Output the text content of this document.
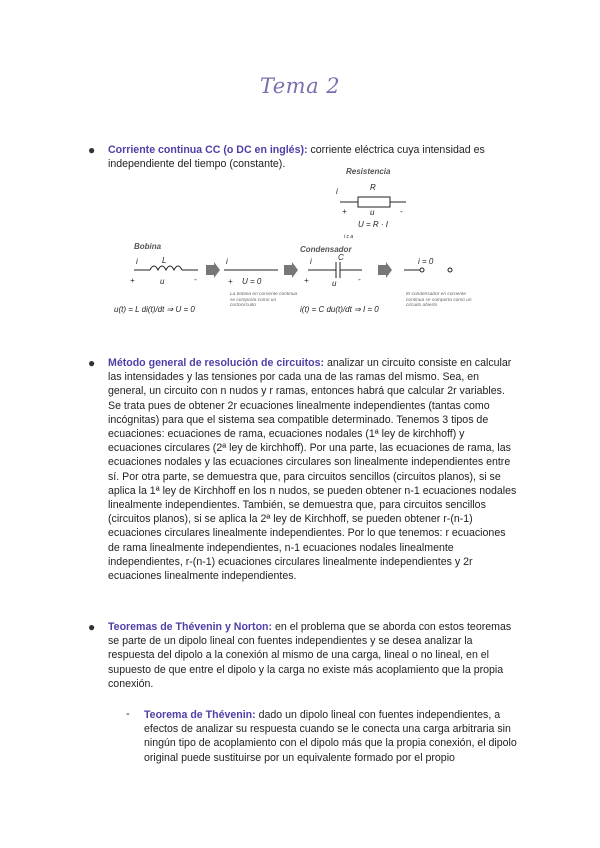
Tema 2
● Corriente continua CC (o DC en inglés): corriente eléctrica cuya intensidad es independiente del tiempo (constante).
Resistencia
Bobina	Condensador
R
i
+	u	-
U = R · I
i c a
L
i
+	u	-
i
+ U = 0
C
i
+	u	-
i = 0
u(t) = L di(t)/dt ⇒ U = 0	i(t) = C du(t)/dt ⇒ I = 0
La bobina en corriente continua se comporta como un cortocircuito
El condensador en corriente continua se comporta como un circuito abierto
● Método general de resolución de circuitos: analizar un circuito consiste en calcular las intensidades y las tensiones por cada una de las ramas del mismo. Sea, en general, un circuito con n nudos y r ramas, entonces habrá que calcular 2r variables. Se trata pues de obtener 2r ecuaciones linealmente independientes (tantas como incógnitas) para que el sistema sea compatible determinado. Tenemos 3 tipos de ecuaciones: ecuaciones de rama, ecuaciones nodales (1ª ley de kirchhoff) y ecuaciones circulares (2ª ley de kirchhoff). Por una parte, las ecuaciones de rama, las ecuaciones nodales y las ecuaciones circulares son linealmente independientes entre sí. Por otra parte, se demuestra que, para circuitos sencillos (circuitos planos), si se aplica la 1ª ley de Kirchhoff en los n nudos, se pueden obtener n-1 ecuaciones nodales linealmente independientes. También, se demuestra que, para circuitos sencillos (circuitos planos), si se aplica la 2ª ley de Kirchhoff, se pueden obtener r-(n-1) ecuaciones circulares linealmente independientes. Por lo que tenemos: r ecuaciones de rama linealmente independientes, n-1 ecuaciones nodales linealmente independientes, r-(n-1) ecuaciones circulares linealmente independientes y 2r ecuaciones linealmente independientes.
● Teoremas de Thévenin y Norton: en el problema que se aborda con estos teoremas se parte de un dipolo lineal con fuentes independientes y se desea analizar la respuesta del dipolo a la conexión al mismo de una carga, lineal o no lineal, en el supuesto de que entre el dipolo y la carga no existe más acoplamiento que la propia conexión.
- Teorema de Thévenin: dado un dipolo lineal con fuentes independientes, a efectos de analizar su respuesta cuando se le conecta una carga arbitraria sin ningún tipo de acoplamiento con el dipolo más que la propia conexión, el dipolo original puede sustituirse por un equivalente formado por el propio
